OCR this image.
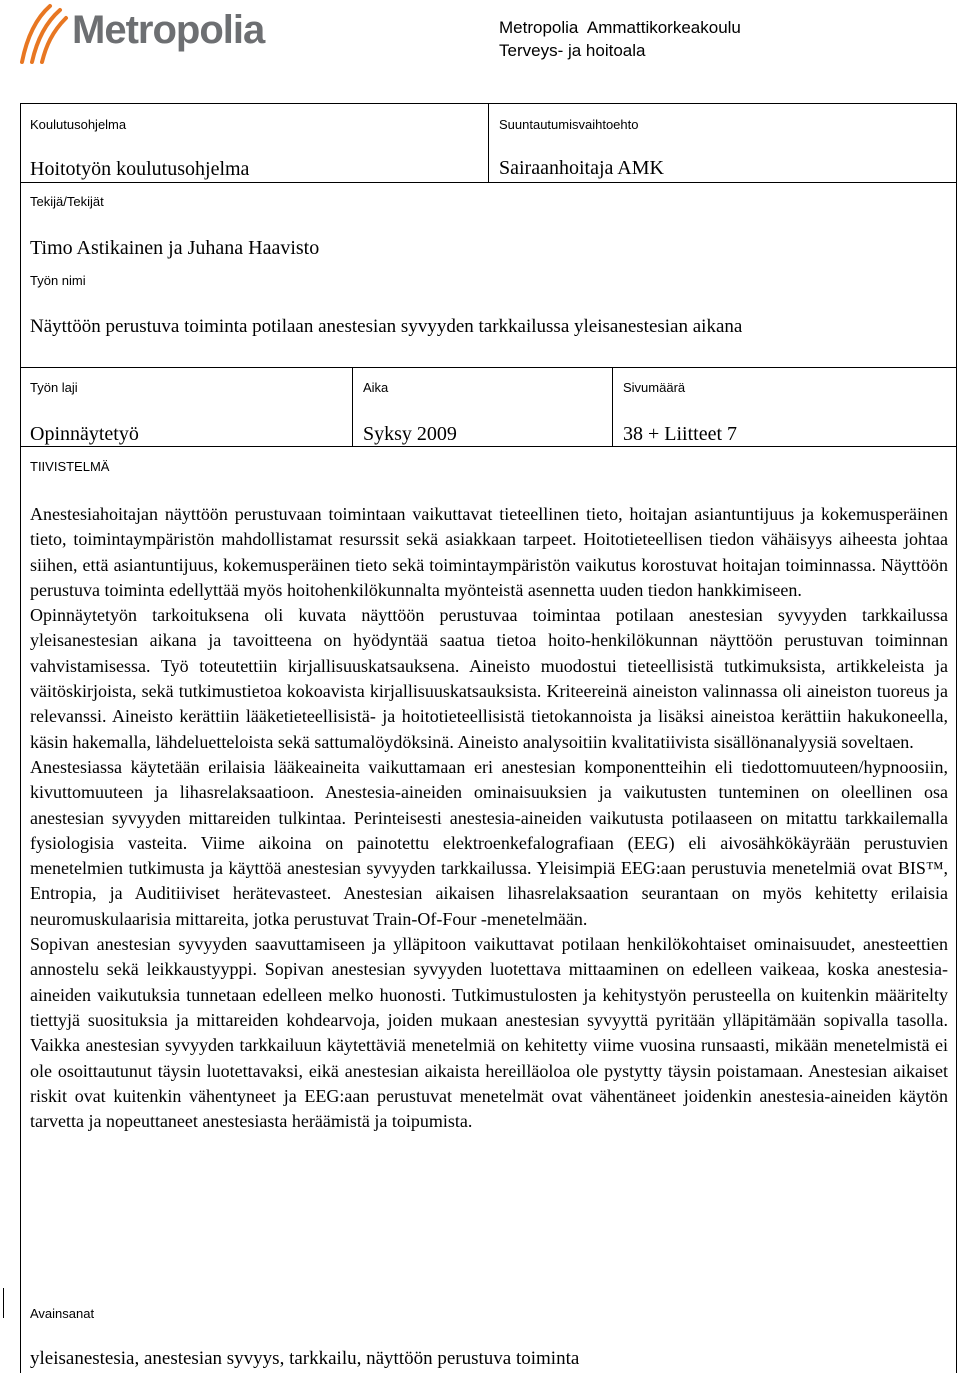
Metropolia	Metropolia  Ammattikorkeakoulu
Terveys- ja hoitoala
Koulutusohjelma
Hoitotyön koulutusohjelma
Suuntautumisvaihtoehto
Sairaanhoitaja AMK
Tekijä/Tekijät
Timo Astikainen ja Juhana Haavisto
Työn nimi
Näyttöön perustuva toiminta potilaan anestesian syvyyden tarkkailussa yleisanestesian aikana
Työn laji
Opinnäytetyö
Aika
Syksy 2009
Sivumäärä
38 + Liitteet 7
TIIVISTELMÄ

Anestesiahoitajan näyttöön perustuvaan toimintaan vaikuttavat tieteellinen tieto, hoitajan asiantuntijuus ja kokemusperäinen tieto, toimintaympäristön mahdollistamat resurssit sekä asiakkaan tarpeet. Hoitotieteellisen tiedon vähäisyys aiheesta johtaa siihen, että asiantuntijuus, kokemusperäinen tieto sekä toimintaympäristön vaikutus korostuvat hoitajan toiminnassa. Näyttöön perustuva toiminta edellyttää myös hoitohenkilökunnalta myönteistä asennetta uuden tiedon hankkimiseen.

Opinnäytetyön tarkoituksena oli kuvata näyttöön perustuvaa toimintaa potilaan anestesian syvyyden tarkkailussa yleisanestesian aikana ja tavoitteena on hyödyntää saatua tietoa hoito-henkilökunnan näyttöön perustuvan toiminnan vahvistamisessa. Työ toteutettiin kirjallisuuskatsauksena. Aineisto muodostui tieteellisistä tutkimuksista, artikkeleista ja väitöskirjoista, sekä tutkimustietoa kokoavista kirjallisuuskatsauksista. Kriteereinä aineiston valinnassa oli aineiston tuoreus ja relevanssi. Aineisto kerättiin lääketieteellisistä- ja hoitotieteellisistä tietokannoista ja lisäksi aineistoa kerättiin hakukoneella, käsin hakemalla, lähdeluetteloista sekä sattumalöydöksinä. Aineisto analysoitiin kvalitatiivista sisällönanalyysiä soveltaen.

Anestesiassa käytetään erilaisia lääkeaineita vaikuttamaan eri anestesian komponentteihin eli tiedottomuuteen/hypnoosiin, kivuttomuuteen ja lihasrelaksaatioon. Anestesia-aineiden ominaisuuksien ja vaikutusten tunteminen on oleellinen osa anestesian syvyyden mittareiden tulkintaa. Perinteisesti anestesia-aineiden vaikutusta potilaaseen on mitattu tarkkailemalla fysiologisia vasteita. Viime aikoina on painotettu elektroenkefalografiaan (EEG) eli aivosähkökäyrään perustuvien menetelmien tutkimusta ja käyttöä anestesian syvyyden tarkkailussa. Yleisimpiä EEG:aan perustuvia menetelmiä ovat BIS™, Entropia, ja Auditiiviset herätevasteet. Anestesian aikaisen lihasrelaksaation seurantaan on myös kehitetty erilaisia neuromuskulaarisia mittareita, jotka perustuvat Train-Of-Four -menetelmään.

Sopivan anestesian syvyyden saavuttamiseen ja ylläpitoon vaikuttavat potilaan henkilökohtaiset ominaisuudet, anesteettien annostelu sekä leikkaustyyppi. Sopivan anestesian syvyyden luotettava mittaaminen on edelleen vaikeaa, koska anestesia-aineiden vaikutuksia tunnetaan edelleen melko huonosti. Tutkimustulosten ja kehitystyön perusteella on kuitenkin määritelty tiettyjä suosituksia ja mittareiden kohdearvoja, joiden mukaan anestesian syvyyttä pyritään ylläpitämään sopivalla tasolla. Vaikka anestesian syvyyden tarkkailuun käytettäviä menetelmiä on kehitetty viime vuosina runsaasti, mikään menetelmistä ei ole osoittautunut täysin luotettavaksi, eikä anestesian aikaista hereilläoloa ole pystytty täysin poistamaan. Anestesian aikaiset riskit ovat kuitenkin vähentyneet ja EEG:aan perustuvat menetelmät ovat vähentäneet joidenkin anestesia-aineiden käytön tarvetta ja nopeuttaneet anestesiasta heräämistä ja toipumista.

Avainsanat
yleisanestesia, anestesian syvyys, tarkkailu, näyttöön perustuva toiminta
